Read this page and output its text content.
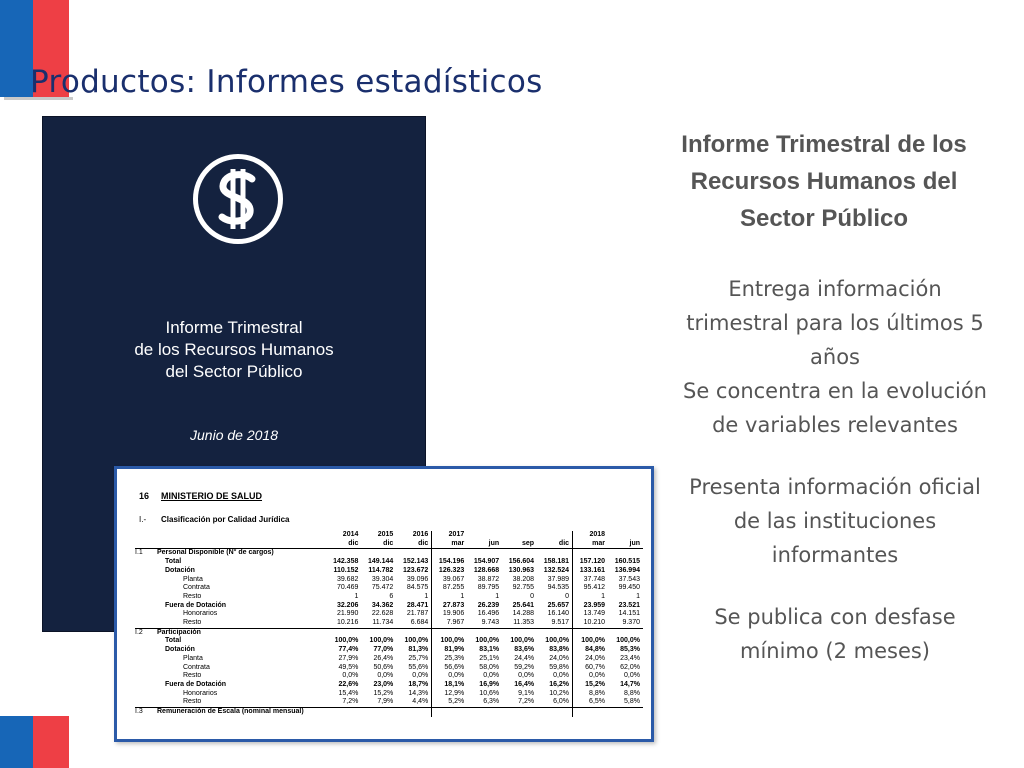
Productos: Informes estadísticos
Informe Trimestral
de los Recursos Humanos
del Sector Público
Junio de 2018
16 MINISTERIO DE SALUD
I.- Clasificación por Calidad Jurídica
	2014	2015	2016	2017				2018	
	dic	dic	dic	mar	jun	sep	dic	mar	jun
I.1 Personal Disponible (N° de cargos)									
Total	142.358	149.144	152.143	154.196	154.907	156.604	158.181	157.120	160.515
Dotación	110.152	114.782	123.672	126.323	128.668	130.963	132.524	133.161	136.994
Planta	39.682	39.304	39.096	39.067	38.872	38.208	37.989	37.748	37.543
Contrata	70.469	75.472	84.575	87.255	89.795	92.755	94.535	95.412	99.450
Resto	1	6	1	1	1	0	0	1	1
Fuera de Dotación	32.206	34.362	28.471	27.873	26.239	25.641	25.657	23.959	23.521
Honorarios	21.990	22.628	21.787	19.906	16.496	14.288	16.140	13.749	14.151
Resto	10.216	11.734	6.684	7.967	9.743	11.353	9.517	10.210	9.370
I.2 Participación									
Total	100,0%	100,0%	100,0%	100,0%	100,0%	100,0%	100,0%	100,0%	100,0%
Dotación	77,4%	77,0%	81,3%	81,9%	83,1%	83,6%	83,8%	84,8%	85,3%
Planta	27,9%	26,4%	25,7%	25,3%	25,1%	24,4%	24,0%	24,0%	23,4%
Contrata	49,5%	50,6%	55,6%	56,6%	58,0%	59,2%	59,8%	60,7%	62,0%
Resto	0,0%	0,0%	0,0%	0,0%	0,0%	0,0%	0,0%	0,0%	0,0%
Fuera de Dotación	22,6%	23,0%	18,7%	18,1%	16,9%	16,4%	16,2%	15,2%	14,7%
Honorarios	15,4%	15,2%	14,3%	12,9%	10,6%	9,1%	10,2%	8,8%	8,8%
Resto	7,2%	7,9%	4,4%	5,2%	6,3%	7,2%	6,0%	6,5%	5,8%
I.3 Remuneración de Escala (nominal mensual)									
Informe Trimestral de los
Recursos Humanos del
Sector Público
Entrega información
trimestral para los últimos 5
años
Se concentra en la evolución
de variables relevantes
Presenta información oficial
de las instituciones
informantes
Se publica con desfase
mínimo (2 meses)
